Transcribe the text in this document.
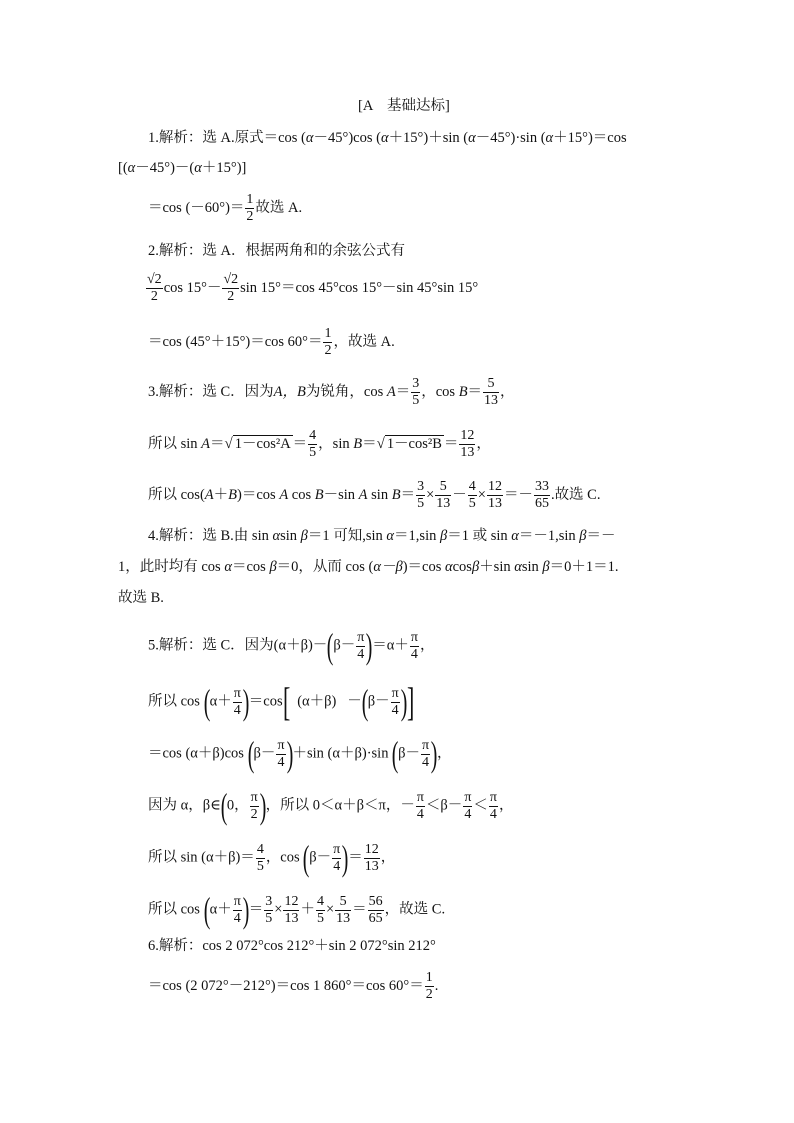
[A　基础达标]
1.解析：选 A.原式＝cos (α－45°)cos (α＋15°)＋sin (α－45°)·sin (α＋15°)＝cos
[(α－45°)－(α＋15°)]
＝cos $(-60^\circ)= \frac{1}{2}$ 故选 A.
2.解析：选 A．根据两角和的余弦公式有
$\frac{√2}{2}$ $\cos 15^\circ- \frac{√2}{2}$ sin 15°＝cos 45°cos 15°－sin 45°sin 15°
＝cos (45°＋15°)＝cos $60^\circ= \frac{1}{2}$ ，故选 A.
3.解析：选 C．因为A，B为锐角，$\cos A= \frac{3}{5}$ ，$\cos B= \frac{5}{13}$ ，
所以 sin A＝√ $1-\cos^2A = \frac{4}{5}$ ，sin B＝√ $1-\cos^2B = \frac{12}{13}$ ，
所以 cos(A＋B)＝cos A cos B－sin A $\sin B= \frac{3}{5} \times \frac{5}{13} - \frac{4}{5} \times \frac{12}{13} =- \frac{33}{65}$ .故选 C.
4.解析：选 B.由 sin αsin β＝1 可知,sin α＝1,sin β＝1 或 sin α＝－1,sin β＝－
1，此时均有 cos α＝cos β＝0，从而 cos (α－β)＝cos αcosβ＋sin αsin β＝0＋1＝1.
故选 B.
5.解析：选 C．因为$(\alpha+\beta)-(\beta- \frac{\pi}{4} )=\alpha+ \frac{\pi}{4}$ ，
所以 $\cos (\alpha+ \frac{\pi}{4} )=\cos$[ $(\alpha+\beta) -(\beta- \frac{\pi}{4}$ )]
＝cos (α＋β)cos $(\beta- \frac{\pi}{4} )+\sin$ (α＋β)·sin ($\beta- \frac{\pi}{4}$ )，
因为 α，β∈(0， $\frac{\pi}{2}$ )，所以 0＜α＋β＜π，－ $\frac{\pi}{4} <\beta- \frac{\pi}{4} < \frac{\pi}{4}$ ，
所以 $\sin (\alpha+\beta)= \frac{4}{5}$ ，$\cos (\beta- \frac{\pi}{4}$ )＝ $\frac{12}{13}$ ，
所以 $\cos (\alpha+ \frac{\pi}{4}$ )＝ $\frac{3}{5} \times \frac{12}{13} + \frac{4}{5} \times \frac{5}{13} = \frac{56}{65}$ ，故选 C.
6.解析：cos 2 072°cos 212°＋sin 2 072°sin 212°
＝cos (2 072°－212°)＝cos 1 860°＝cos $60^\circ= \frac{1}{2}$ .
